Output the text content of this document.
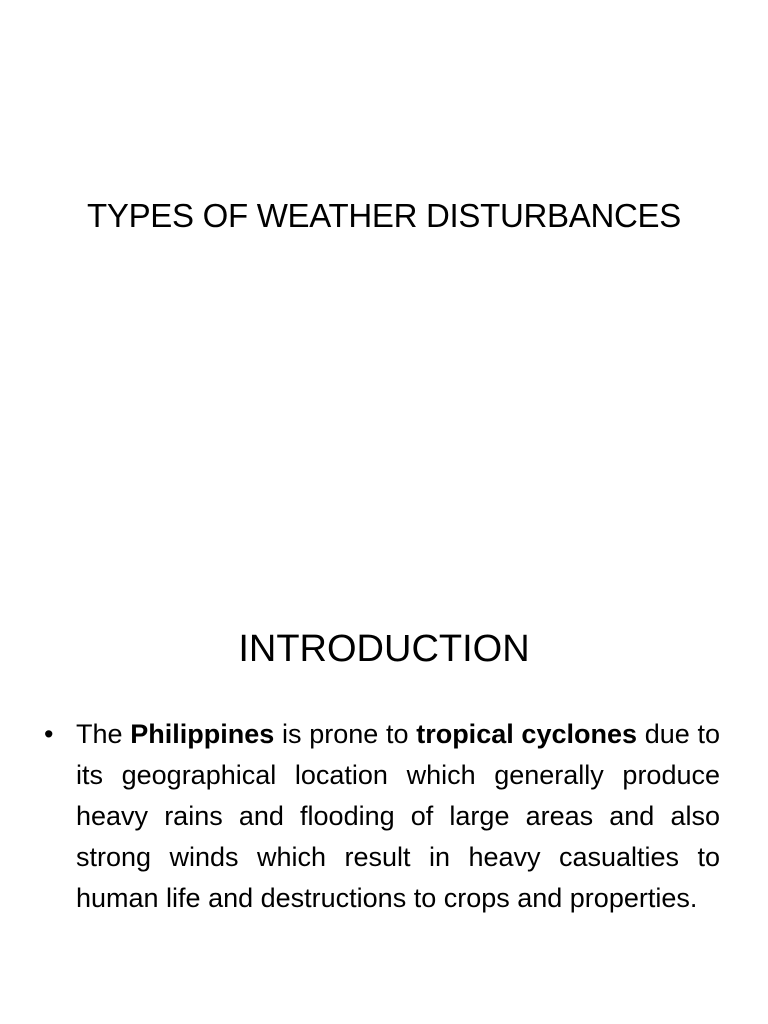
TYPES OF WEATHER DISTURBANCES
INTRODUCTION
• The Philippines is prone to tropical cyclones due to its geographical location which generally produce heavy rains and flooding of large areas and also strong winds which result in heavy casualties to human life and destructions to crops and properties.
